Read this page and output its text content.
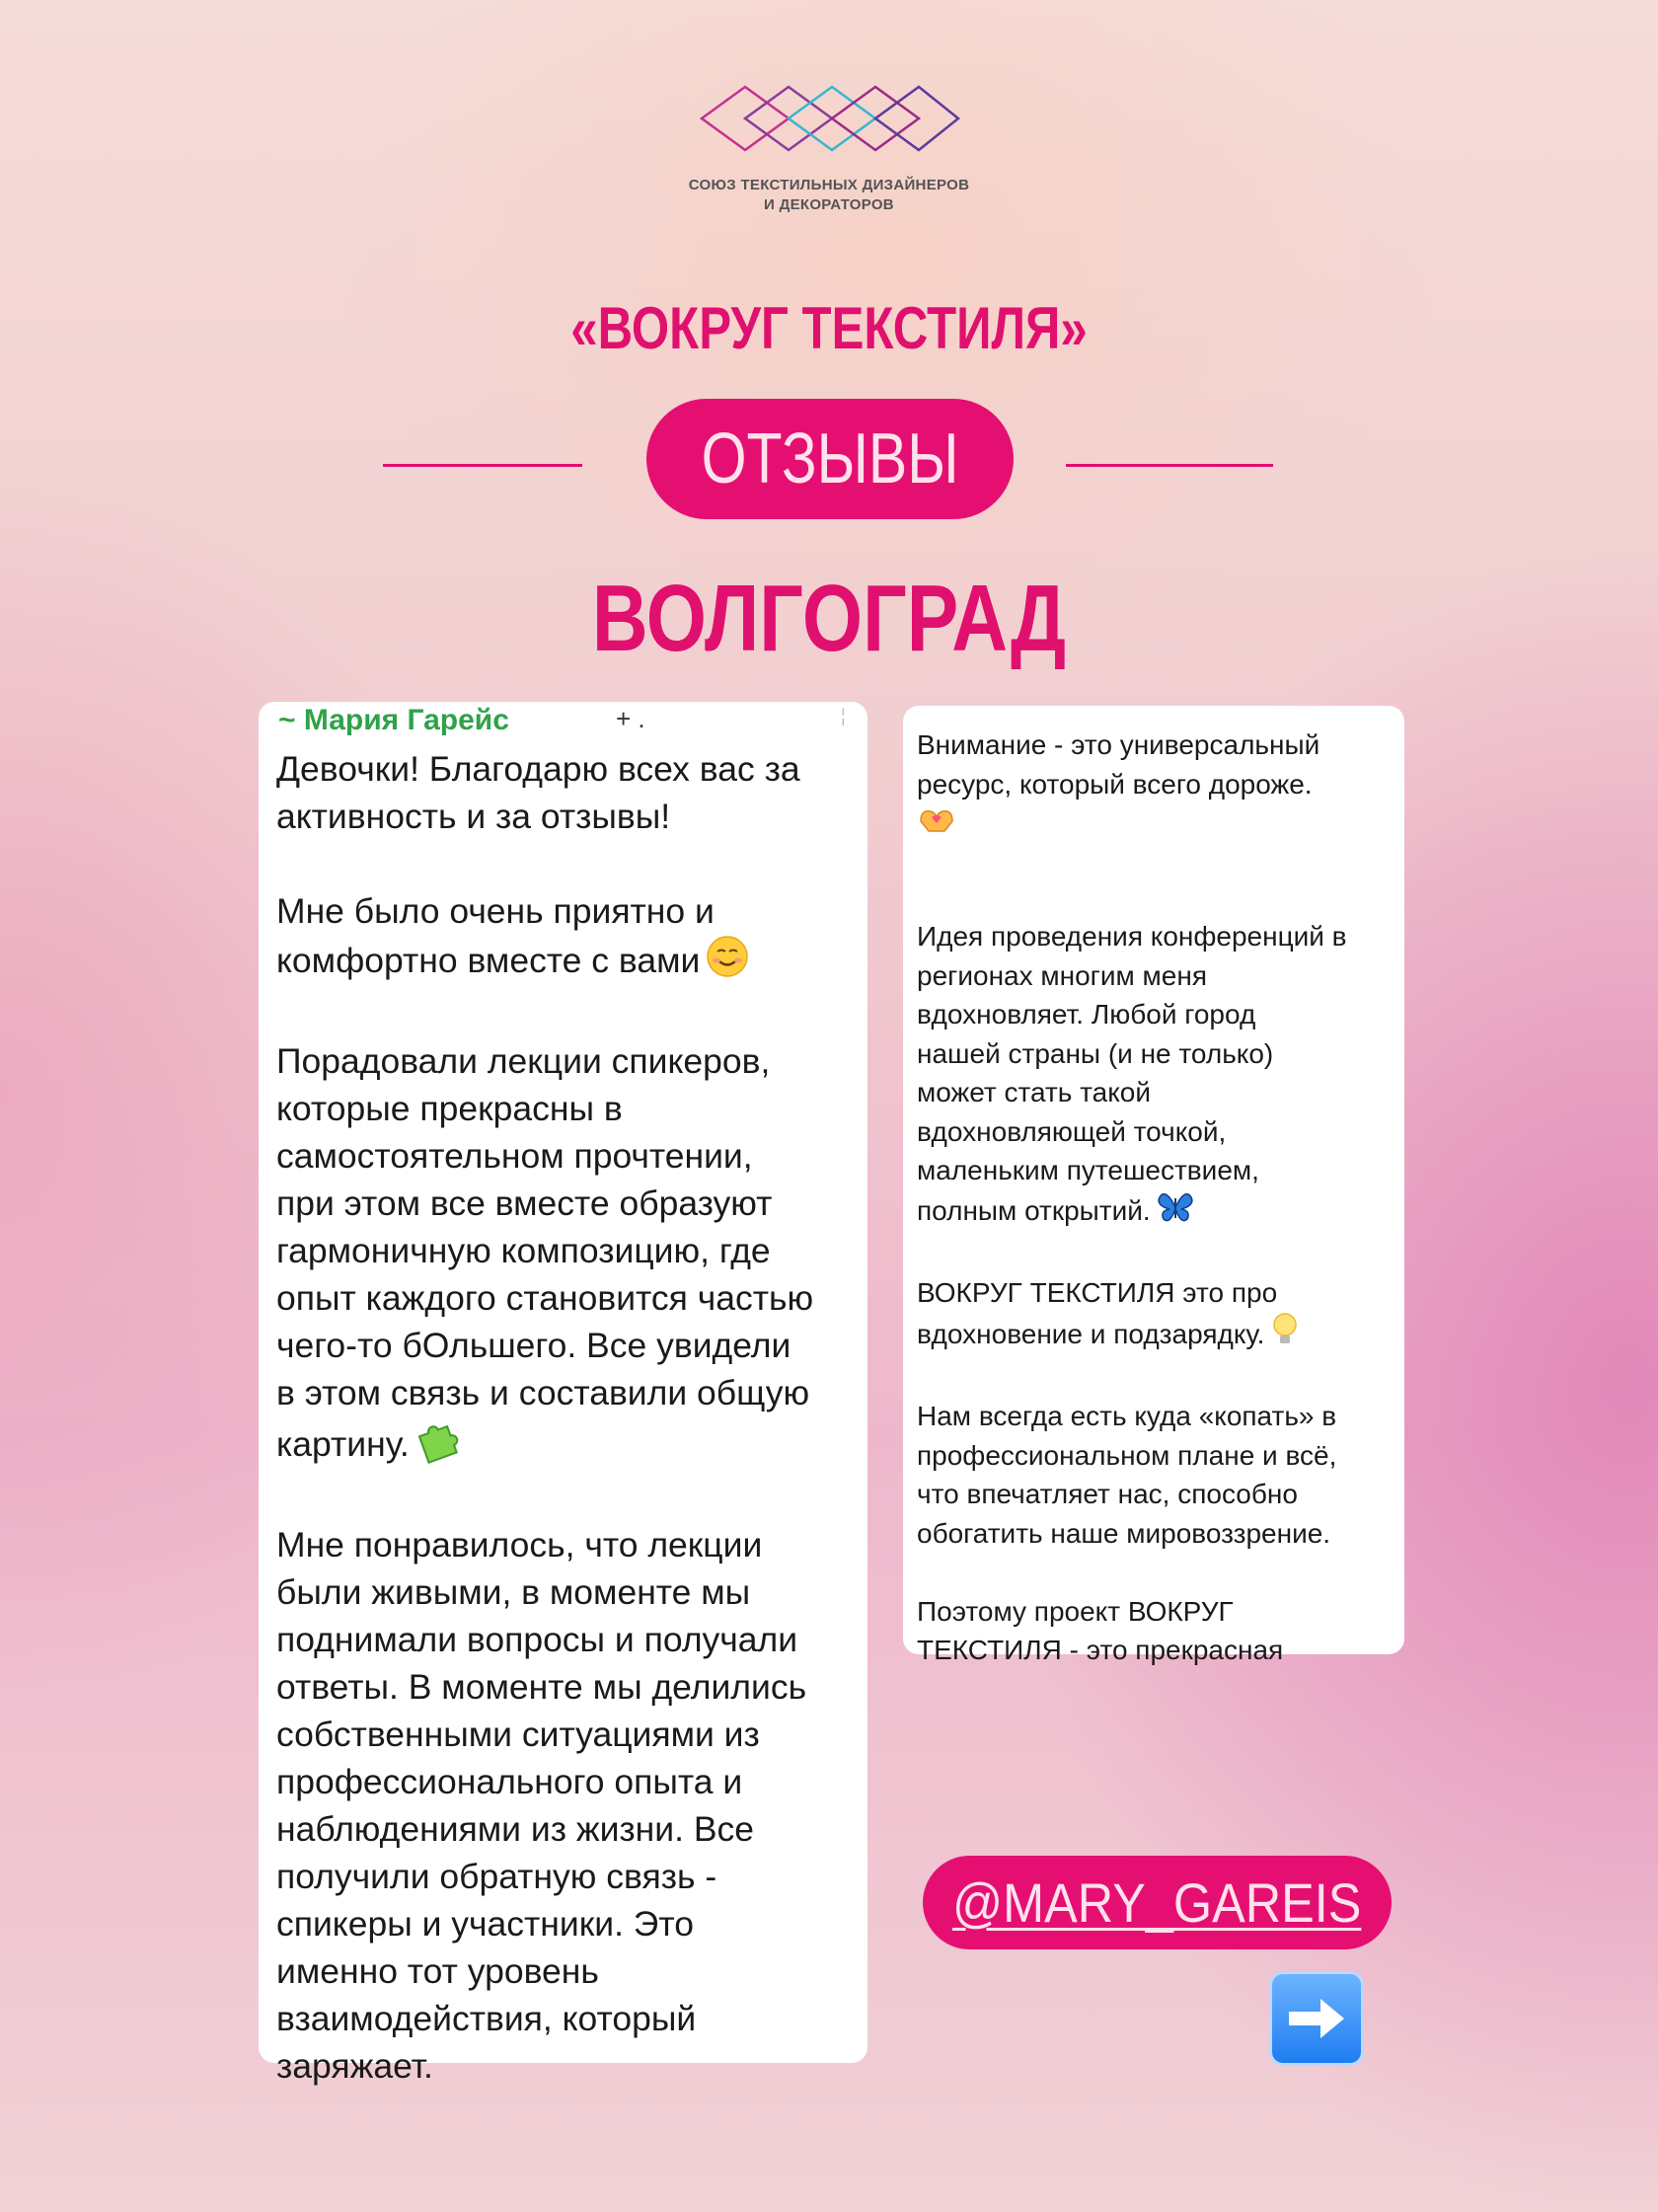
СОЮЗ ТЕКСТИЛЬНЫХ ДИЗАЙНЕРОВ
И ДЕКОРАТОРОВ
«ВОКРУГ ТЕКСТИЛЯ»
ОТЗЫВЫ
ВОЛГОГРАД
~ Мария Гарейс	+ .	¦

Девочки! Благодарю всех вас за
активность и за отзывы!

Мне было очень приятно и
комфортно вместе с вами

Порадовали лекции спикеров,
которые прекрасны в
самостоятельном прочтении,
при этом все вместе образуют
гармоничную композицию, где
опыт каждого становится частью
чего-то бОльшего. Все увидели
в этом связь и составили общую
картину.

Мне понравилось, что лекции
были живыми, в моменте мы
поднимали вопросы и получали
ответы. В моменте мы делились
собственными ситуациями из
профессионального опыта и
наблюдениями из жизни. Все
получили обратную связь -
спикеры и участники. Это
именно тот уровень
взаимодействия, который
заряжает.

Внимание - это универсальный
ресурс, который всего дороже.

Идея проведения конференций в
регионах многим меня
вдохновляет. Любой город
нашей страны (и не только)
может стать такой
вдохновляющей точкой,
маленьким путешествием,
полным открытий.

ВОКРУГ ТЕКСТИЛЯ это про
вдохновение и подзарядку.

Нам всегда есть куда «копать» в
профессиональном плане и всё,
что впечатляет нас, способно
обогатить наше мировоззрение.

Поэтому проект ВОКРУГ
ТЕКСТИЛЯ - это прекрасная

@MARY_GAREIS
